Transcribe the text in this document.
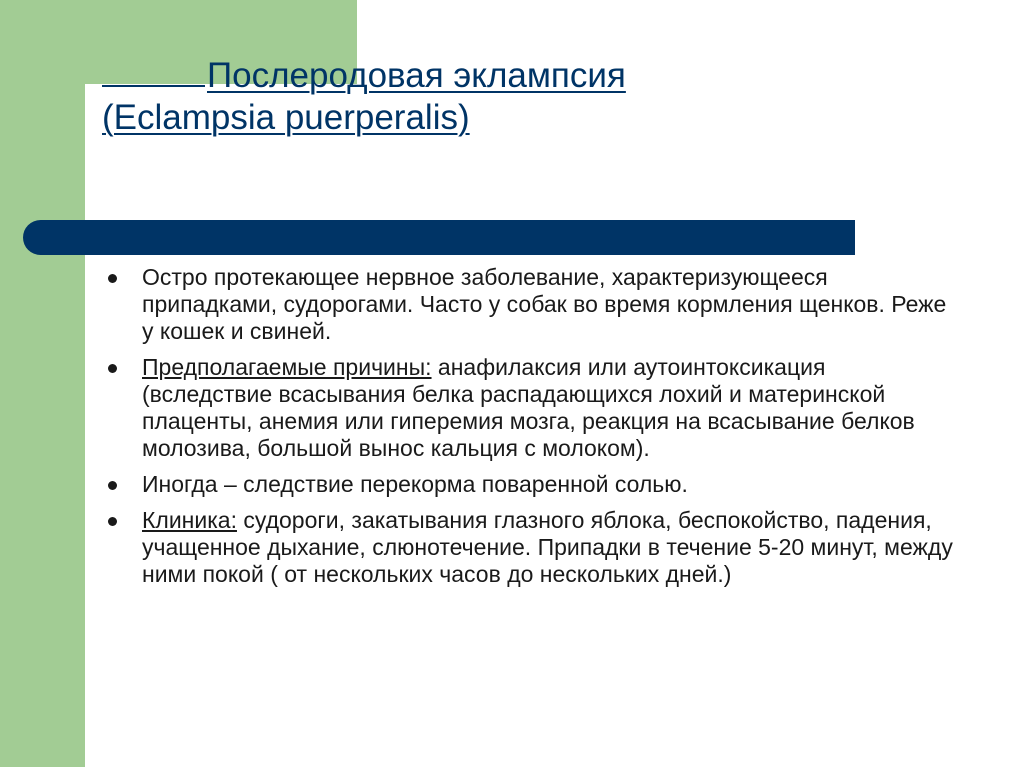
Послеродовая эклампсия
(Eclampsia puerperalis)
Остро протекающее нервное заболевание, характеризующееся припадками, судорогами. Часто у собак во время кормления щенков. Реже у кошек и свиней.
Предполагаемые причины: анафилаксия или аутоинтоксикация (вследствие всасывания белка распадающихся лохий и материнской плаценты, анемия или гиперемия мозга, реакция на всасывание белков молозива, большой вынос кальция с молоком).
Иногда – следствие перекорма поваренной солью.
Клиника: судороги, закатывания глазного яблока, беспокойство, падения, учащенное дыхание, слюнотечение. Припадки в течение 5-20 минут, между ними покой ( от нескольких часов до нескольких дней.)
